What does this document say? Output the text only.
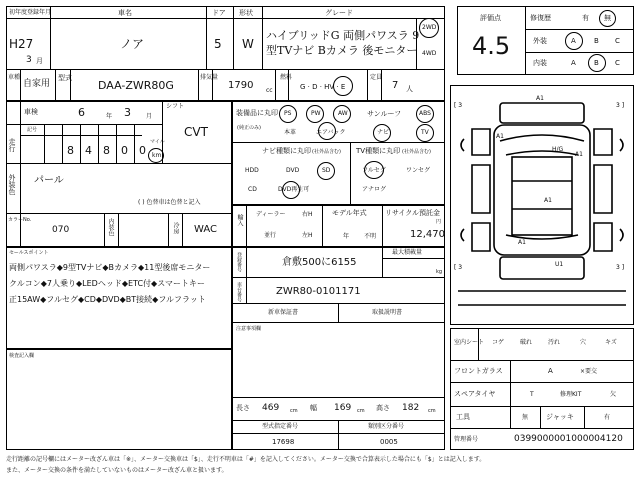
初年度登録年月
H27
3 月
車名
ノア
ドア
5
形状
W
グレード
ハイブリッドG 両側パワスラ 9
型TVナビ Bカメラ 後モニター
2WD
4WD
車種
自家用
型式
DAA-ZWR80G
排気量
1790 cc
燃料
G · D · HV · E
定員
7 人
評価点
4.5
修復歴	有 無
外装	A	B C
内装	A	B C
車検	6	年 3	月
シフト
CVT
走行
記号
8 4 8 0 0
マイル
km
外装色 パール
( ) 色替車は色替と記入
カラーNo.
070	内装色	冷房 WAC
装備品に丸印
(純正のみ)
PS	PW	AW	サンルーフ	ABS
本革	エアバック	ナビ	TV
ナビ種類に丸印 (社外品含む)
HDD	DVD	SD
CD	DVD再生可
TV種類に丸印 (社外品含む)
フルセグ	ワンセグ
アナログ
輸入 ディーラー	右H
並行	左H
モデル年式
年 不明
リサイクル預託金
円
12,470
セールスポイント
両側パワスラ◆9型TVナビ◆Bカメラ◆11型後席モニター
クルコン◆7人乗り◆LEDヘッド◆ETC付◆スマートキー
正15AW◆フルセグ◆CD◆DVD◆BT接続◆フルフラット
検査記入欄
登録番号	倉敷500に6155
最大積載量
kg
車台番号	ZWR80-0101171
新車保証書	取扱説明書
注意事項欄
長さ 469 cm 幅 169 cm 高さ 182 cm
型式指定番号
17698
類別区分番号
0005
[ 3	3 ]
[ 3	3 ]
A1
A1
H/G
A1
A1
A1
U1
室内シート コゲ	破れ	汚れ	穴	キズ
フロントガラス	A	×要交
スペアタイヤ	T	修理KIT	欠
工具	無	ジャッキ	有
管理番号	0399000001000004120
走行距離の記号欄にはメーター改ざん車は「※」、メーター交換車は「$」、走行不明車は「#」を記入してください。メーター交換で合算表示した場合にも「$」とは記入します。
また、メーター交換の条件を満たしていないものはメーター改ざん車と扱います。
